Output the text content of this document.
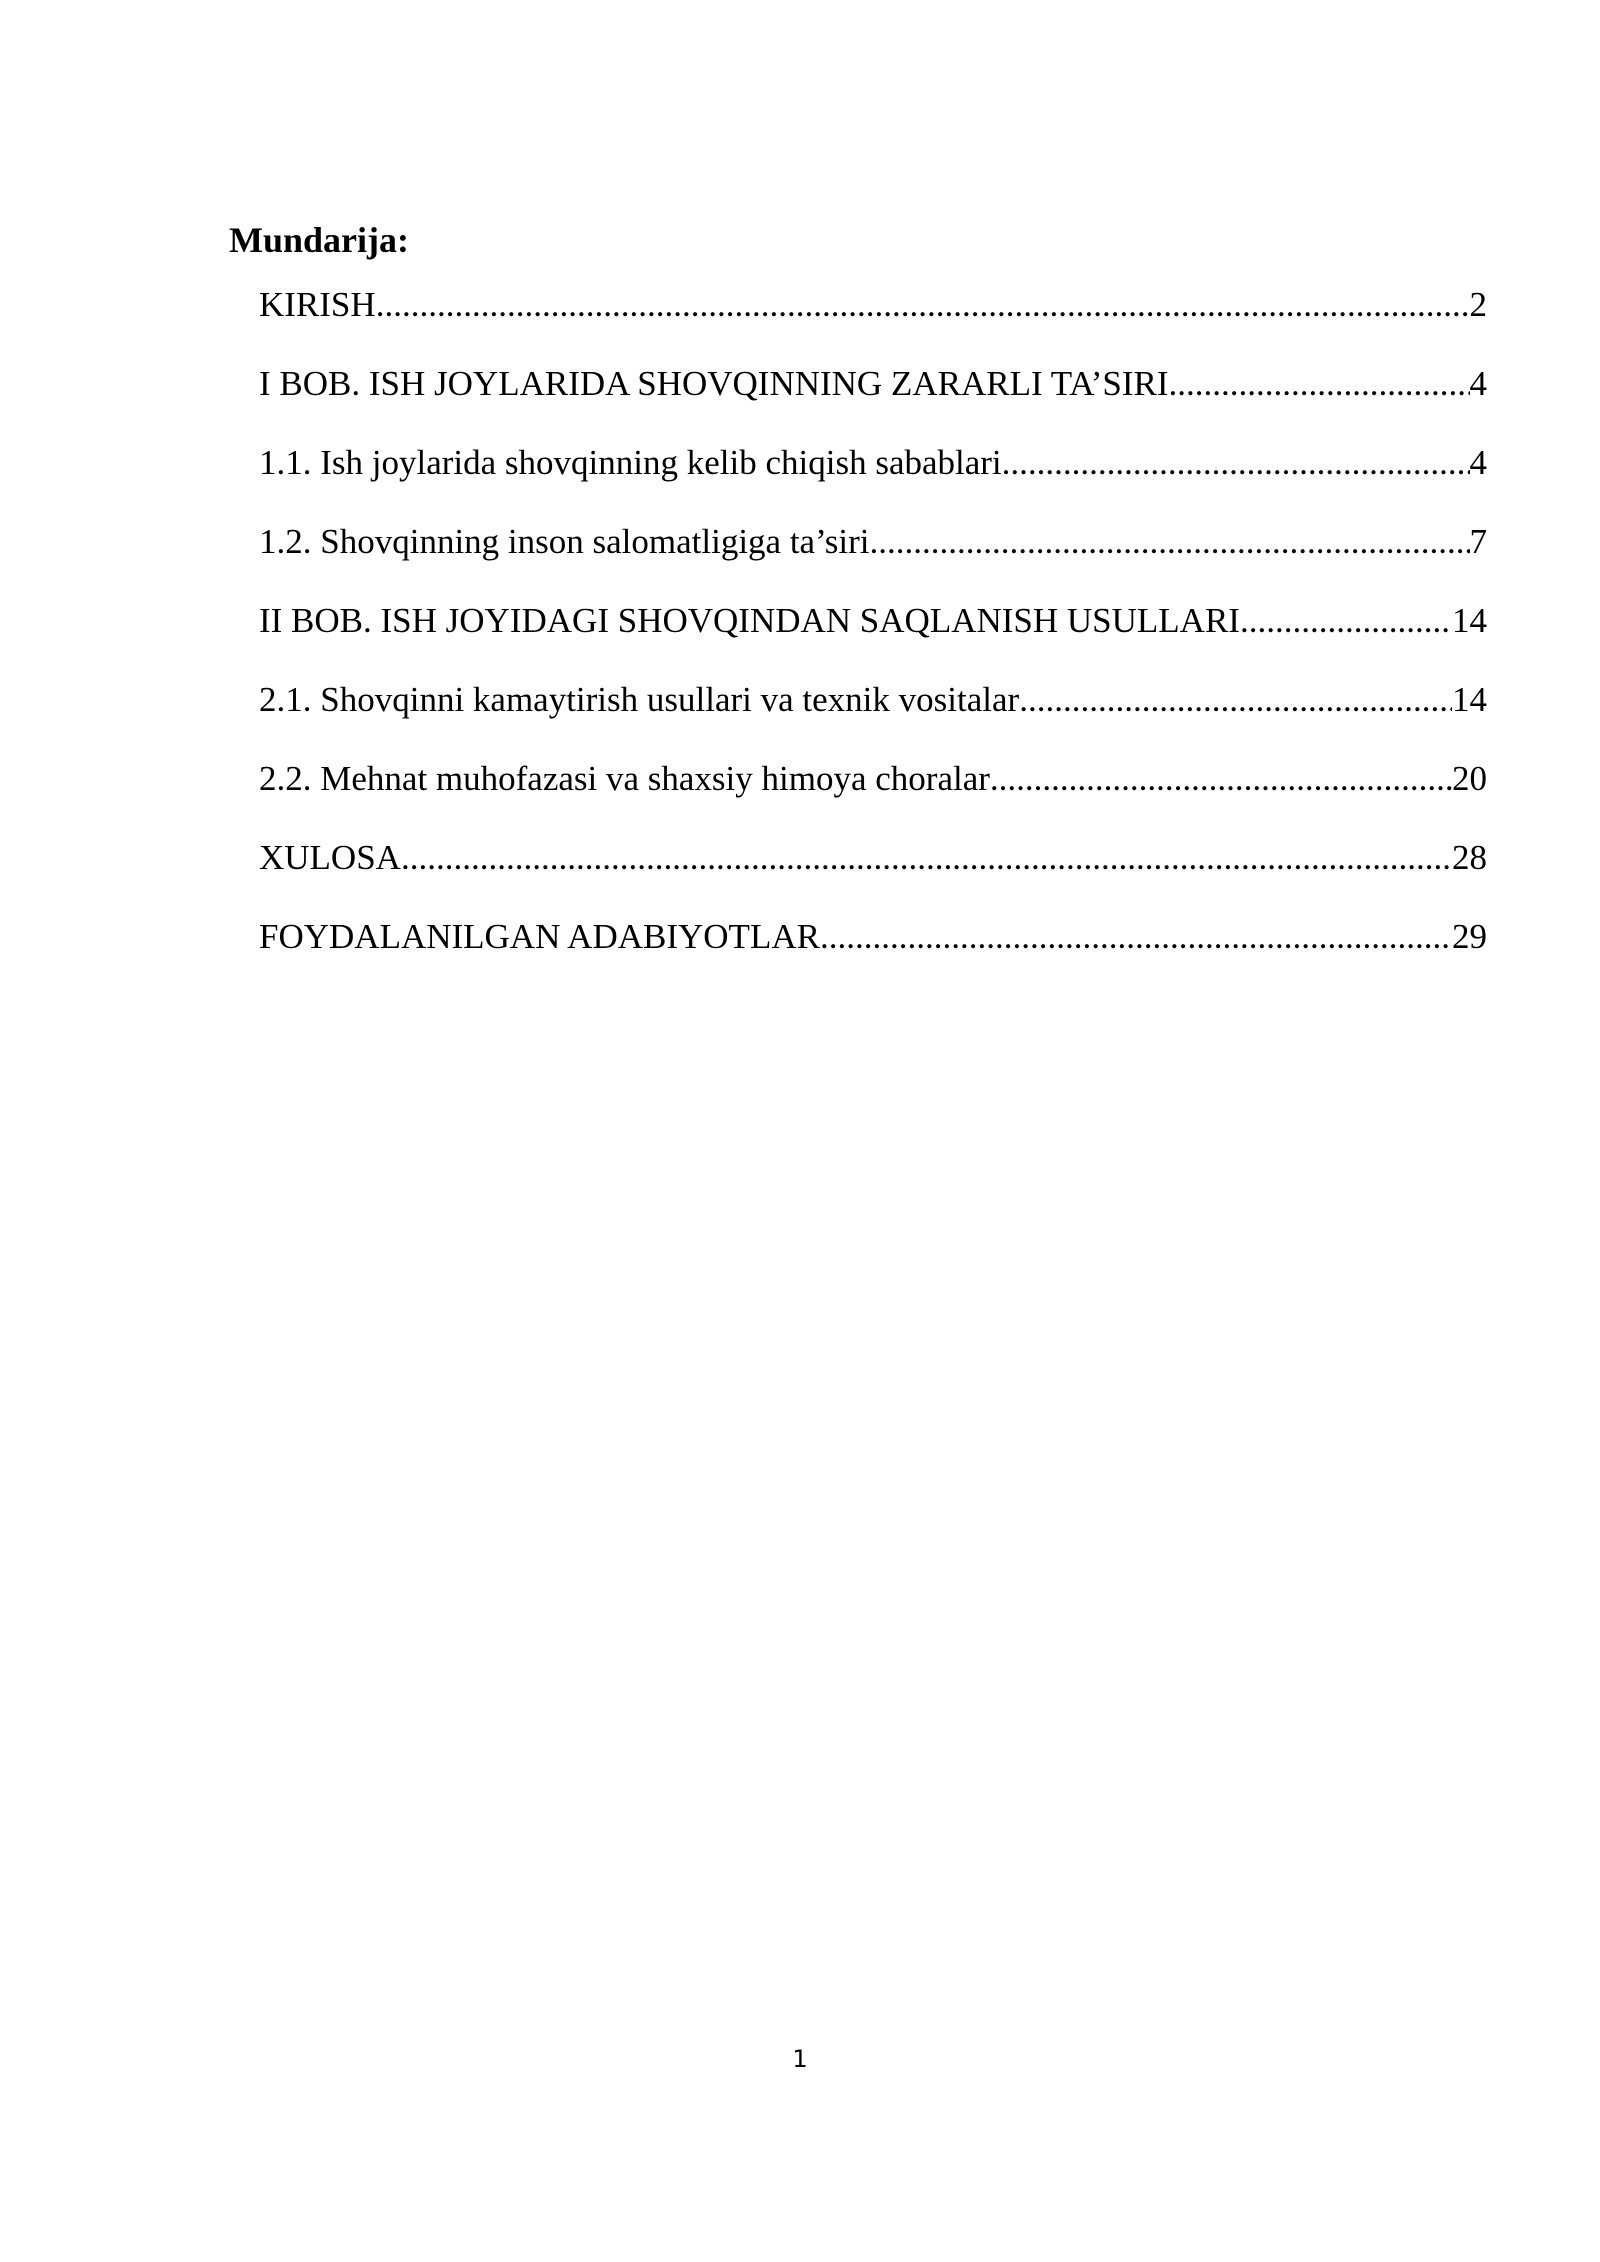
Mundarija:
KIRISH .....	2
I BOB. ISH JOYLARIDA SHOVQINNING ZARARLI TA’SIRI .....	4
1.1. Ish joylarida shovqinning kelib chiqish sabablari .....	4
1.2. Shovqinning inson salomatligiga ta’siri .....	7
II BOB. ISH JOYIDAGI SHOVQINDAN SAQLANISH USULLARI .....	14
2.1. Shovqinni kamaytirish usullari va texnik vositalar .....	14
2.2. Mehnat muhofazasi va shaxsiy himoya choralar .....	20
XULOSA .....	28
FOYDALANILGAN ADABIYOTLAR .....	29
1
